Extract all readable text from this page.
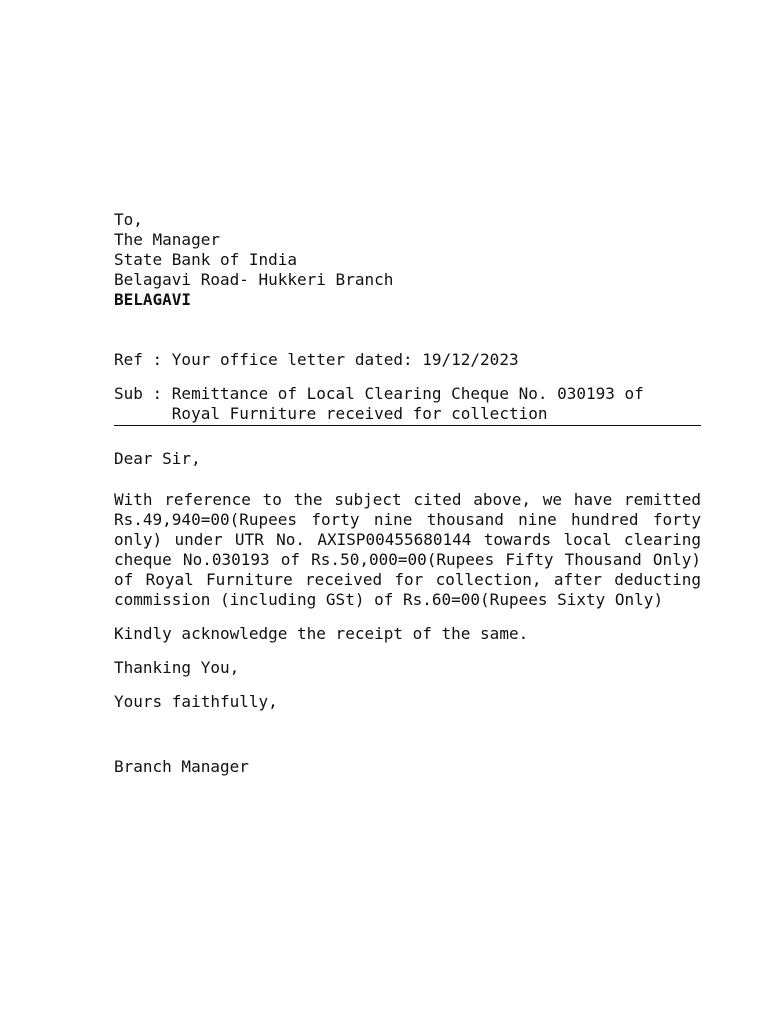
To,
The Manager
State Bank of India
Belagavi Road- Hukkeri Branch
BELAGAVI
Ref : Your office letter dated: 19/12/2023
Sub : Remittance of Local Clearing Cheque No. 030193 of
Royal Furniture received for collection
Dear Sir,

With reference to the subject cited above, we have remitted Rs.49,940=00(Rupees forty nine thousand nine hundred forty only) under UTR No. AXISP00455680144 towards local clearing cheque No.030193 of Rs.50,000=00(Rupees Fifty Thousand Only) of Royal Furniture received for collection, after deducting commission (including GSt) of Rs.60=00(Rupees Sixty Only)

Kindly acknowledge the receipt of the same.
Thanking You,
Yours faithfully,
Branch Manager
